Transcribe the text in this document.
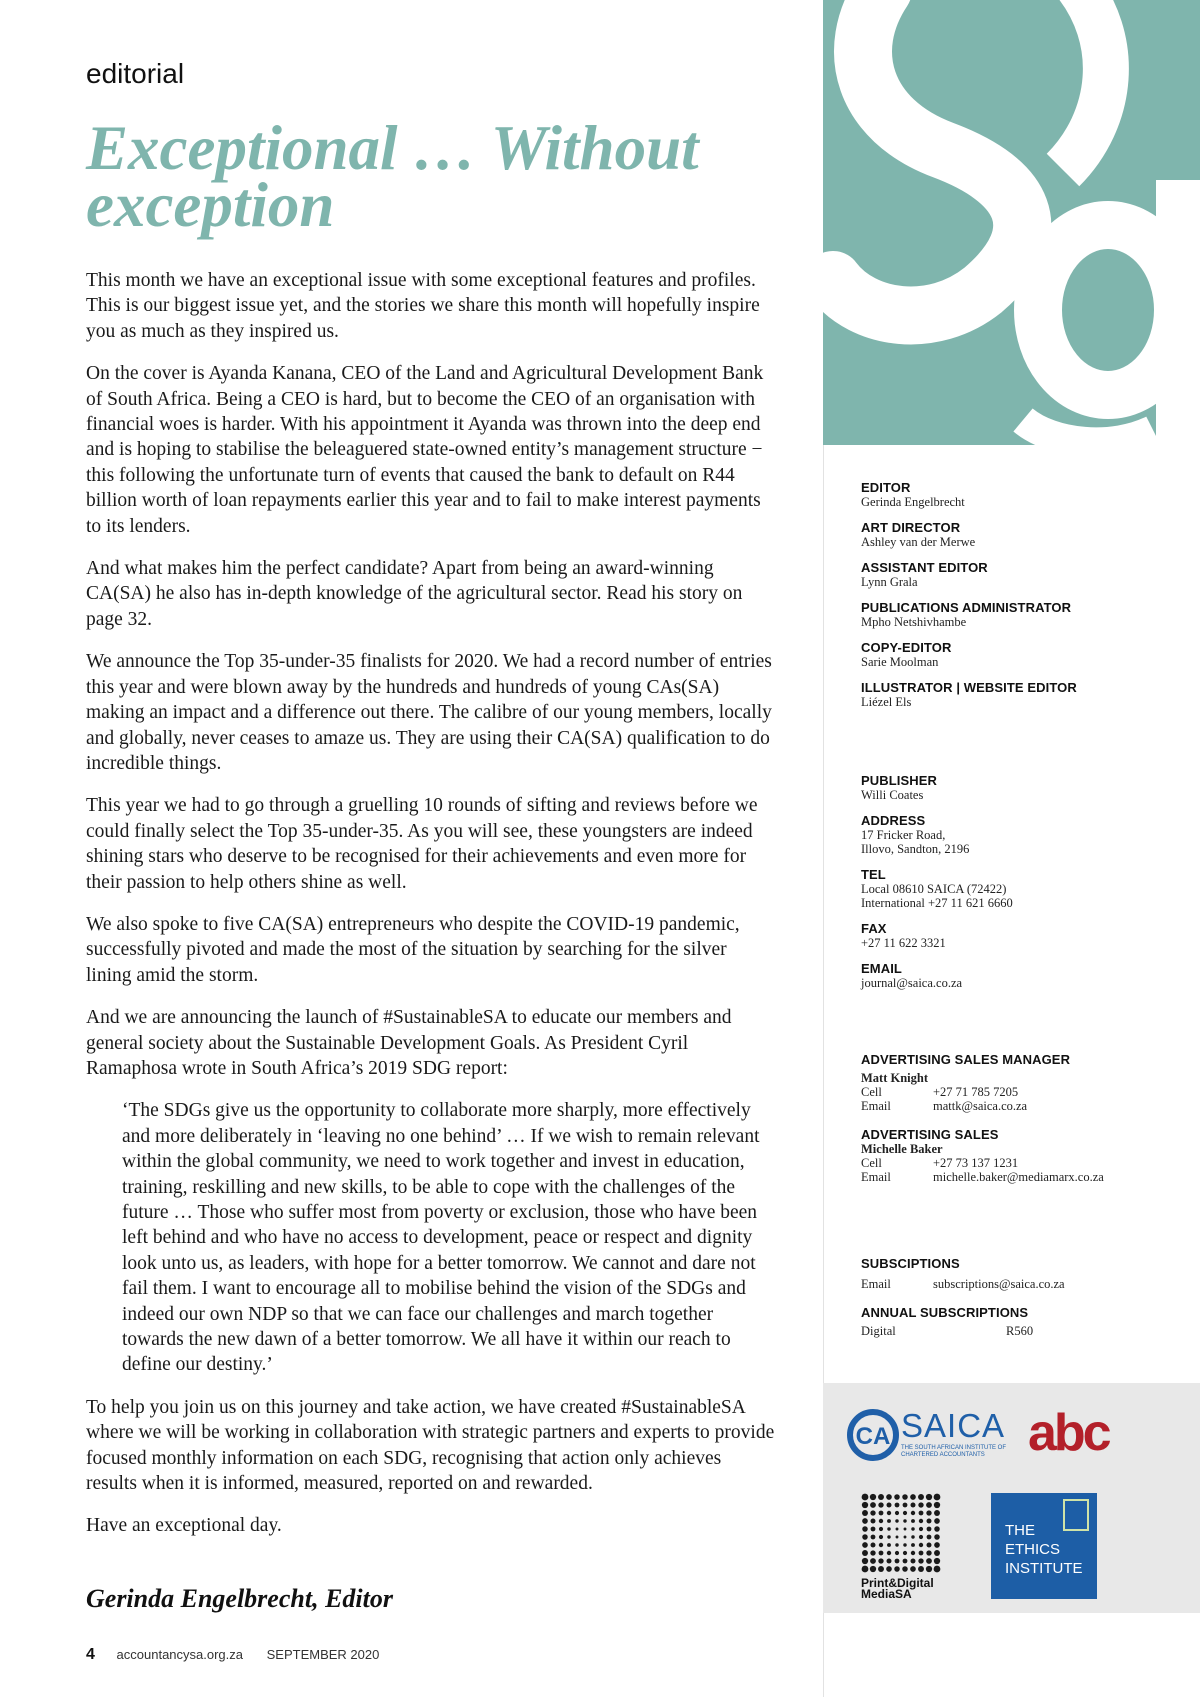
editorial
Exceptional … Without
exception

This month we have an exceptional issue with some exceptional features and profiles. This is our biggest issue yet, and the stories we share this month will hopefully inspire you as much as they inspired us.

On the cover is Ayanda Kanana, CEO of the Land and Agricultural Development Bank of South Africa. Being a CEO is hard, but to become the CEO of an organisation with financial woes is harder. With his appointment it Ayanda was thrown into the deep end and is hoping to stabilise the beleaguered state-owned entity’s management structure − this following the unfortunate turn of events that caused the bank to default on R44 billion worth of loan repayments earlier this year and to fail to make interest payments to its lenders.

And what makes him the perfect candidate? Apart from being an award-winning CA(SA) he also has in-depth knowledge of the agricultural sector. Read his story on page 32.

We announce the Top 35-under-35 finalists for 2020. We had a record number of entries this year and were blown away by the hundreds and hundreds of young CAs(SA) making an impact and a difference out there. The calibre of our young members, locally and globally, never ceases to amaze us. They are using their CA(SA) qualification to do incredible things.

This year we had to go through a gruelling 10 rounds of sifting and reviews before we could finally select the Top 35-under-35. As you will see, these youngsters are indeed shining stars who deserve to be recognised for their achievements and even more for their passion to help others shine as well.

We also spoke to five CA(SA) entrepreneurs who despite the COVID-19 pandemic, successfully pivoted and made the most of the situation by searching for the silver lining amid the storm.

And we are announcing the launch of #SustainableSA to educate our members and general society about the Sustainable Development Goals. As President Cyril Ramaphosa wrote in South Africa’s 2019 SDG report:

‘The SDGs give us the opportunity to collaborate more sharply, more effectively and more deliberately in ‘leaving no one behind’ … If we wish to remain relevant within the global community, we need to work together and invest in education, training, reskilling and new skills, to be able to cope with the challenges of the future … Those who suffer most from poverty or exclusion, those who have been left behind and who have no access to development, peace or respect and dignity look unto us, as leaders, with hope for a better tomorrow. We cannot and dare not fail them. I want to encourage all to mobilise behind the vision of the SDGs and indeed our own NDP so that we can face our challenges and march together towards the new dawn of a better tomorrow. We all have it within our reach to define our destiny.’

To help you join us on this journey and take action, we have created #SustainableSA where we will be working in collaboration with strategic partners and experts to provide focused monthly information on each SDG, recognising that action only achieves results when it is informed, measured, reported on and rewarded.

Have an exceptional day.

Gerinda Engelbrecht, Editor
4 accountancysa.org.za SEPTEMBER 2020
EDITOR
Gerinda Engelbrecht
ART DIRECTOR
Ashley van der Merwe
ASSISTANT EDITOR
Lynn Grala
PUBLICATIONS ADMINISTRATOR
Mpho Netshivhambe
COPY-EDITOR
Sarie Moolman
ILLUSTRATOR | WEBSITE EDITOR
Liézel Els
PUBLISHER
Willi Coates
ADDRESS
17 Fricker Road,
Illovo, Sandton, 2196
TEL
Local 08610 SAICA (72422)
International +27 11 621 6660
FAX
+27 11 622 3321
EMAIL
journal@saica.co.za
ADVERTISING SALES MANAGER
Matt Knight
Cell	+27 71 785 7205
Email	mattk@saica.co.za
ADVERTISING SALES
Michelle Baker
Cell	+27 73 137 1231
Email	michelle.baker@mediamarx.co.za
SUBSCIPTIONS
Email	subscriptions@saica.co.za
ANNUAL SUBSCRIPTIONS
Digital	R560
CA SAICA
THE SOUTH AFRICAN INSTITUTE OF CHARTERED ACCOUNTANTS abc
Print&Digital
MediaSA
THE
ETHICS
INSTITUTE
